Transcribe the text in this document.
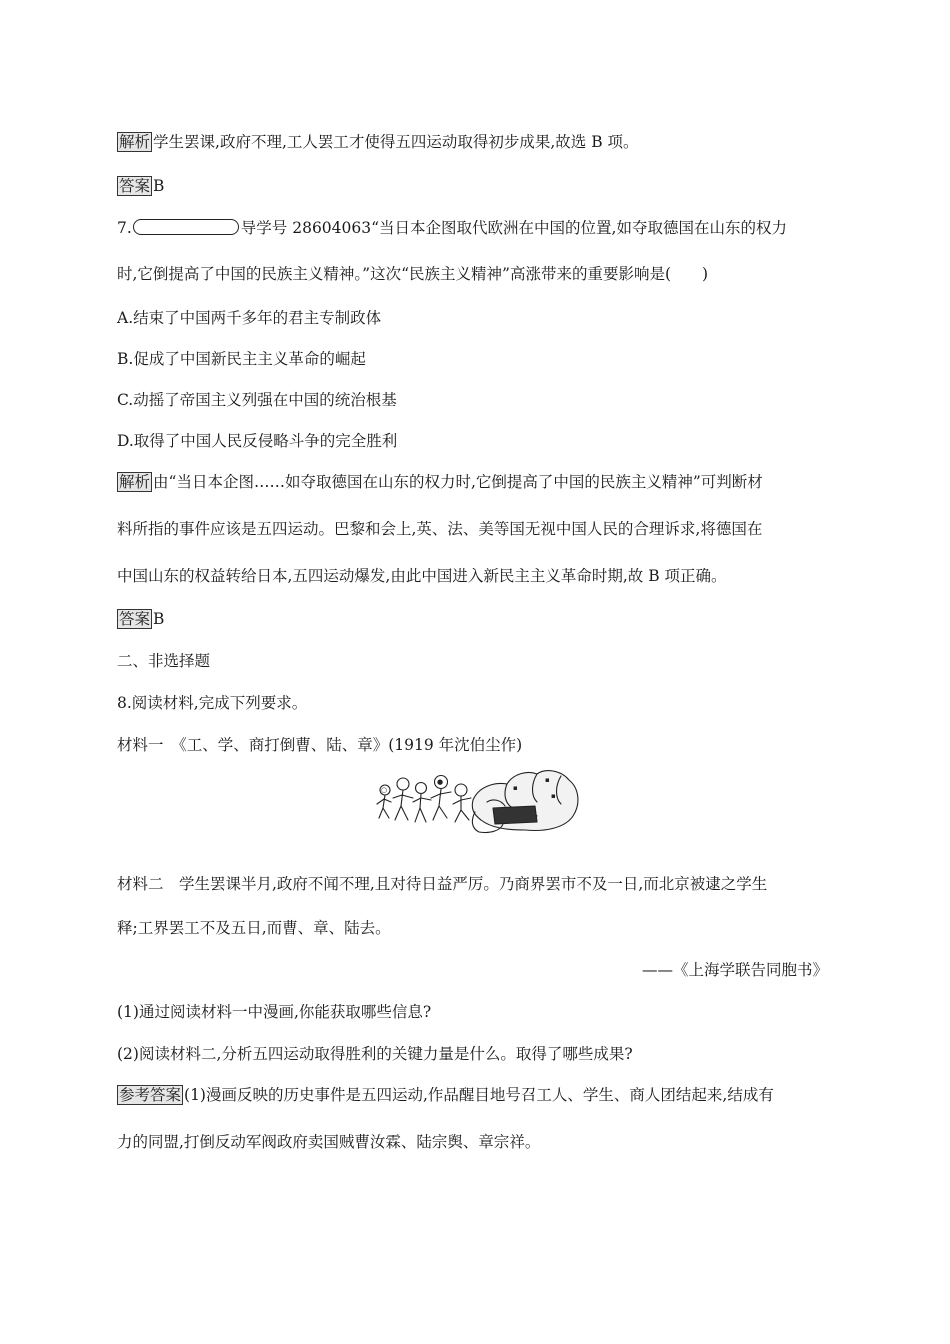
解析 学生罢课,政府不理,工人罢工才使得五四运动取得初步成果,故选 B 项。
答案 B
7.	导学号 28604063“当日本企图取代欧洲在中国的位置,如夺取德国在山东的权力
时,它倒提高了中国的民族主义精神。”这次“民族主义精神”高涨带来的重要影响是(　　)
A.结束了中国两千多年的君主专制政体
B.促成了中国新民主主义革命的崛起
C.动摇了帝国主义列强在中国的统治根基
D.取得了中国人民反侵略斗争的完全胜利
解析 由“当日本企图……如夺取德国在山东的权力时,它倒提高了中国的民族主义精神”可判断材
料所指的事件应该是五四运动。巴黎和会上,英、法、美等国无视中国人民的合理诉求,将德国在
中国山东的权益转给日本,五四运动爆发,由此中国进入新民主主义革命时期,故 B 项正确。
答案 B
二、非选择题
8.阅读材料,完成下列要求。
材料一　《工、学、商打倒曹、陆、章》(1919 年沈伯尘作)
○
●
▪
▪
▪
材料二　学生罢课半月,政府不闻不理,且对待日益严厉。乃商界罢市不及一日,而北京被逮之学生
释;工界罢工不及五日,而曹、章、陆去。
——《上海学联告同胞书》
(1)通过阅读材料一中漫画,你能获取哪些信息?
(2)阅读材料二,分析五四运动取得胜利的关键力量是什么。取得了哪些成果?
参考答案 (1)漫画反映的历史事件是五四运动,作品醒目地号召工人、学生、商人团结起来,结成有
力的同盟,打倒反动军阀政府卖国贼曹汝霖、陆宗舆、章宗祥。
